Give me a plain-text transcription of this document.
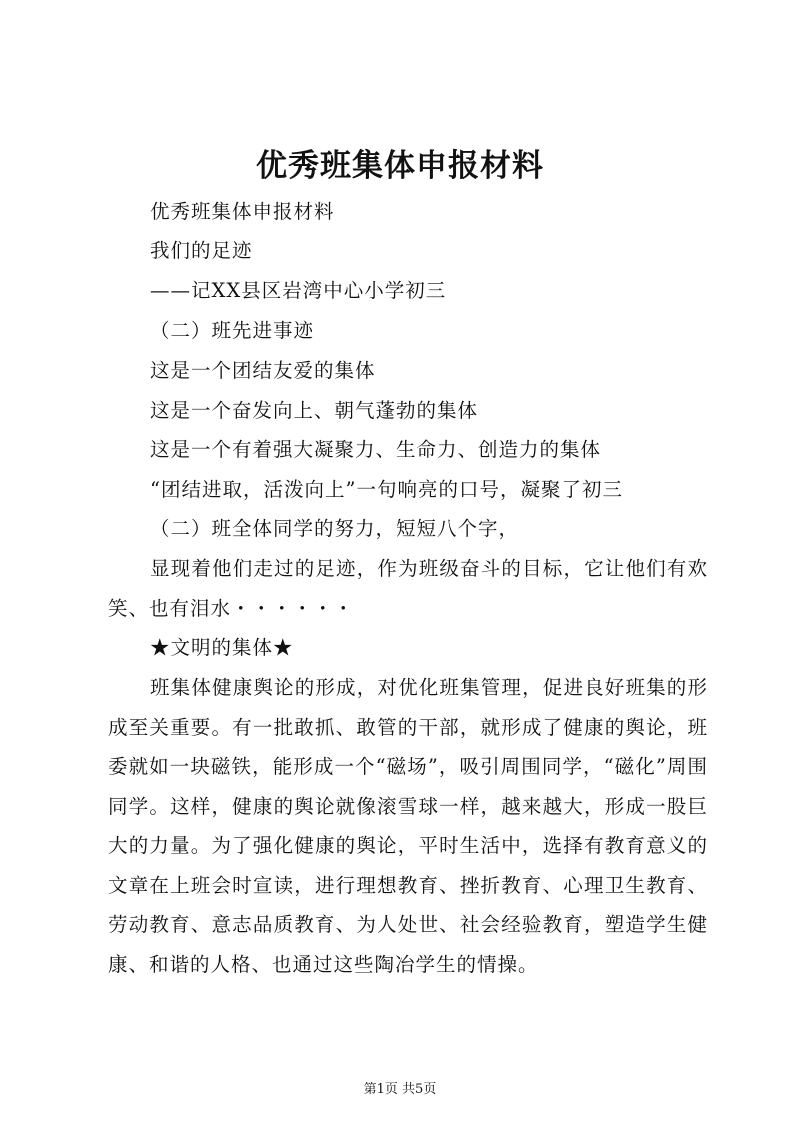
优秀班集体申报材料

优秀班集体申报材料

我们的足迹

——记XX县区岩湾中心小学初三

（二）班先进事迹

这是一个团结友爱的集体

这是一个奋发向上、朝气蓬勃的集体

这是一个有着强大凝聚力、生命力、创造力的集体

“团结进取，活泼向上”一句响亮的口号，凝聚了初三

（二）班全体同学的努力，短短八个字，

显现着他们走过的足迹，作为班级奋斗的目标，它让他们有欢笑、也有泪水・・・・・・

★文明的集体★

班集体健康舆论的形成，对优化班集管理，促进良好班集的形成至关重要。有一批敢抓、敢管的干部，就形成了健康的舆论，班委就如一块磁铁，能形成一个“磁场”，吸引周围同学，“磁化”周围同学。这样，健康的舆论就像滚雪球一样，越来越大，形成一股巨大的力量。为了强化健康的舆论，平时生活中，选择有教育意义的文章在上班会时宣读，进行理想教育、挫折教育、心理卫生教育、劳动教育、意志品质教育、为人处世、社会经验教育，塑造学生健康、和谐的人格、也通过这些陶冶学生的情操。

第1页 共5页
